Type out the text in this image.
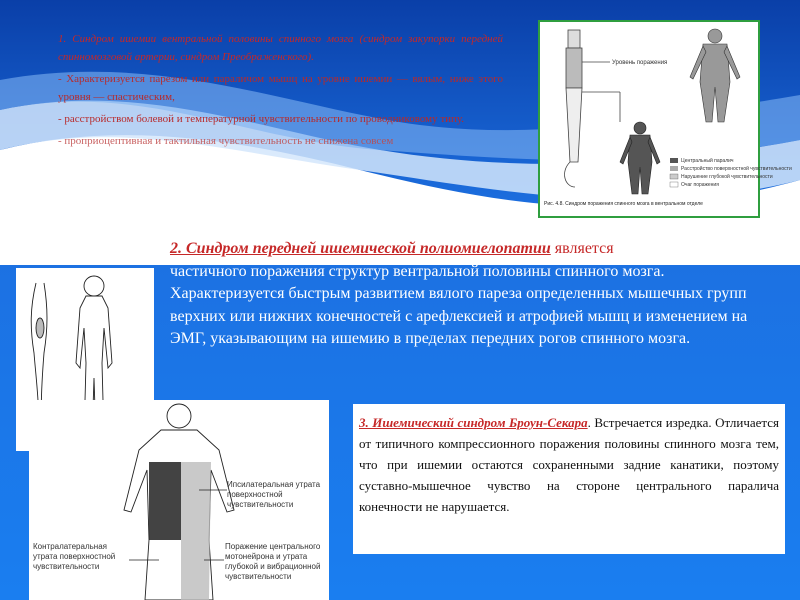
1. Синдром ишемии вентральной половины спинного мозга (синдром закупорки передней спинномозговой артерии, синдром Преображенского).

- Характеризуется парезом или параличом мышц на уровне ишемии — вялым, ниже этого уровня — спастическим,

- расстройством болевой и температурной чувствительности по проводниковому типу.

- проприоцептивная и тактильная чувствительность не снижена совсем

Уровень поражения
Центральный паралич
Расстройство поверхностной чувствительности
Нарушение глубокой чувствительности
Очаг поражения
Рис. 4.8. Синдром поражения спинного мозга в вентральном отделе
2. Синдром передней ишемической полиомиелопатии является одним из вариантов частичного поражения структур вентральной половины спинного мозга. Характеризуется быстрым развитием вялого пареза определенных мышечных групп верхних или нижних конечностей с арефлексией и атрофией мышц и изменением на ЭМГ, указывающим на ишемию в пределах передних рогов спинного мозга.
Ипсилатеральная утрата поверхностной чувствительности
Контралатеральная утрата поверхностной чувствительности
Поражение центрального мотонейрона и утрата глубокой и вибрационной чувствительности

3. Ишемический синдром Броун-Секара. Встречается изредка. Отличается от типичного компрессионного поражения половины спинного мозга тем, что при ишемии остаются сохраненными задние канатики, поэтому суставно-мышечное чувство на стороне центрального паралича конечности не нарушается.
